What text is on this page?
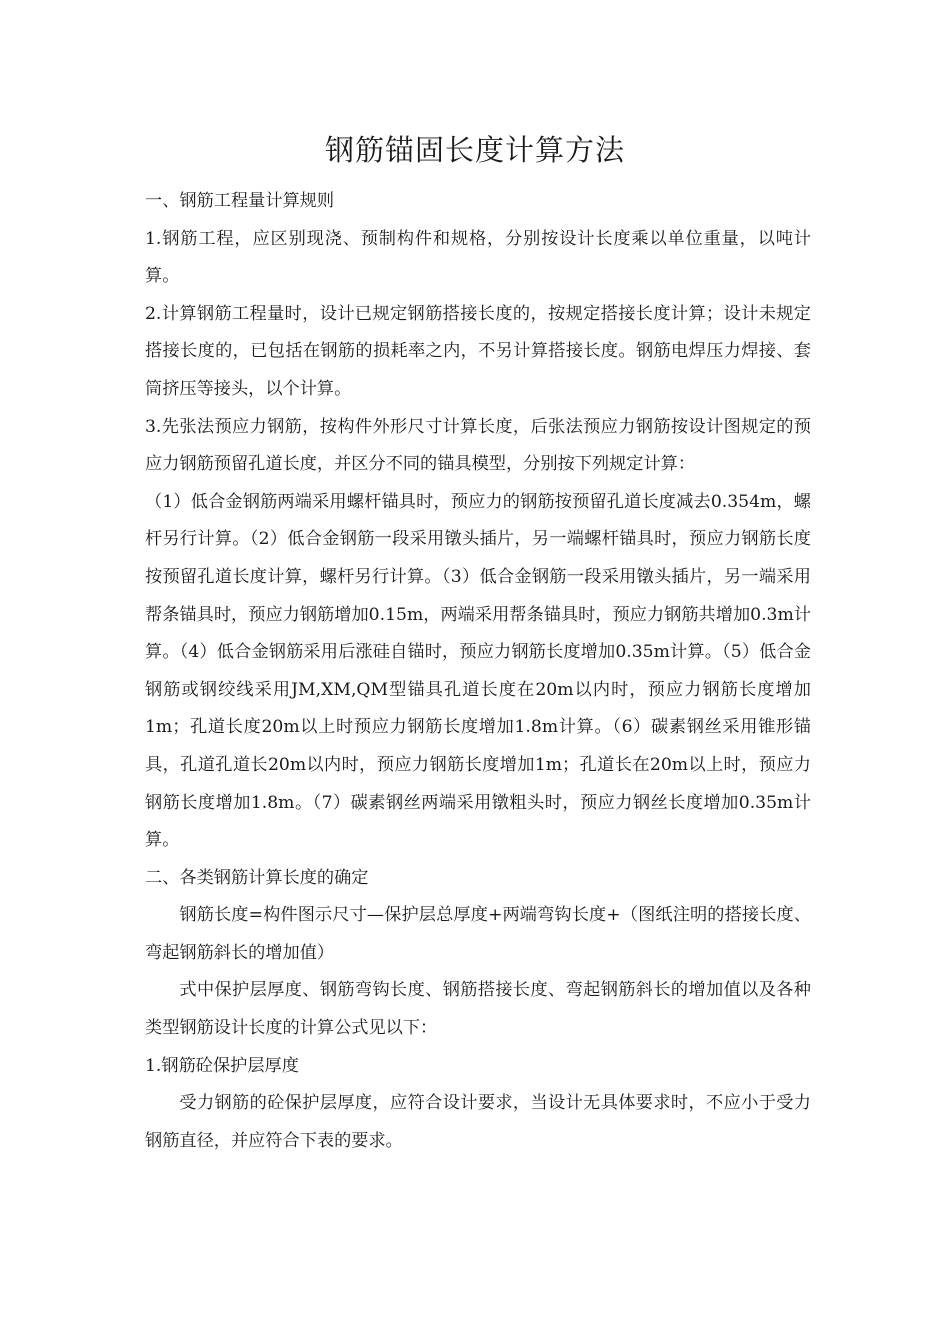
钢筋锚固长度计算方法

一、钢筋工程量计算规则

1.钢筋工程，应区别现浇、预制构件和规格，分别按设计长度乘以单位重量，以吨计算。

2.计算钢筋工程量时，设计已规定钢筋搭接长度的，按规定搭接长度计算；设计未规定搭接长度的，已包括在钢筋的损耗率之内，不另计算搭接长度。钢筋电焊压力焊接、套筒挤压等接头，以个计算。

3.先张法预应力钢筋，按构件外形尺寸计算长度，后张法预应力钢筋按设计图规定的预应力钢筋预留孔道长度，并区分不同的锚具模型，分别按下列规定计算：

（1）低合金钢筋两端采用螺杆锚具时，预应力的钢筋按预留孔道长度减去0.354m，螺杆另行计算。（2）低合金钢筋一段采用镦头插片，另一端螺杆锚具时，预应力钢筋长度按预留孔道长度计算，螺杆另行计算。（3）低合金钢筋一段采用镦头插片，另一端采用帮条锚具时，预应力钢筋增加0.15m，两端采用帮条锚具时，预应力钢筋共增加0.3m计算。（4）低合金钢筋采用后涨硅自锚时，预应力钢筋长度增加0.35m计算。（5）低合金钢筋或钢绞线采用JM,XM,QM型锚具孔道长度在20m以内时，预应力钢筋长度增加1m；孔道长度20m以上时预应力钢筋长度增加1.8m计算。（6）碳素钢丝采用锥形锚具，孔道孔道长20m以内时，预应力钢筋长度增加1m；孔道长在20m以上时，预应力钢筋长度增加1.8m。（7）碳素钢丝两端采用镦粗头时，预应力钢丝长度增加0.35m计算。

二、各类钢筋计算长度的确定

钢筋长度=构件图示尺寸—保护层总厚度+两端弯钩长度+（图纸注明的搭接长度、弯起钢筋斜长的增加值）

式中保护层厚度、钢筋弯钩长度、钢筋搭接长度、弯起钢筋斜长的增加值以及各种类型钢筋设计长度的计算公式见以下：

1.钢筋砼保护层厚度

受力钢筋的砼保护层厚度，应符合设计要求，当设计无具体要求时，不应小于受力钢筋直径，并应符合下表的要求。
